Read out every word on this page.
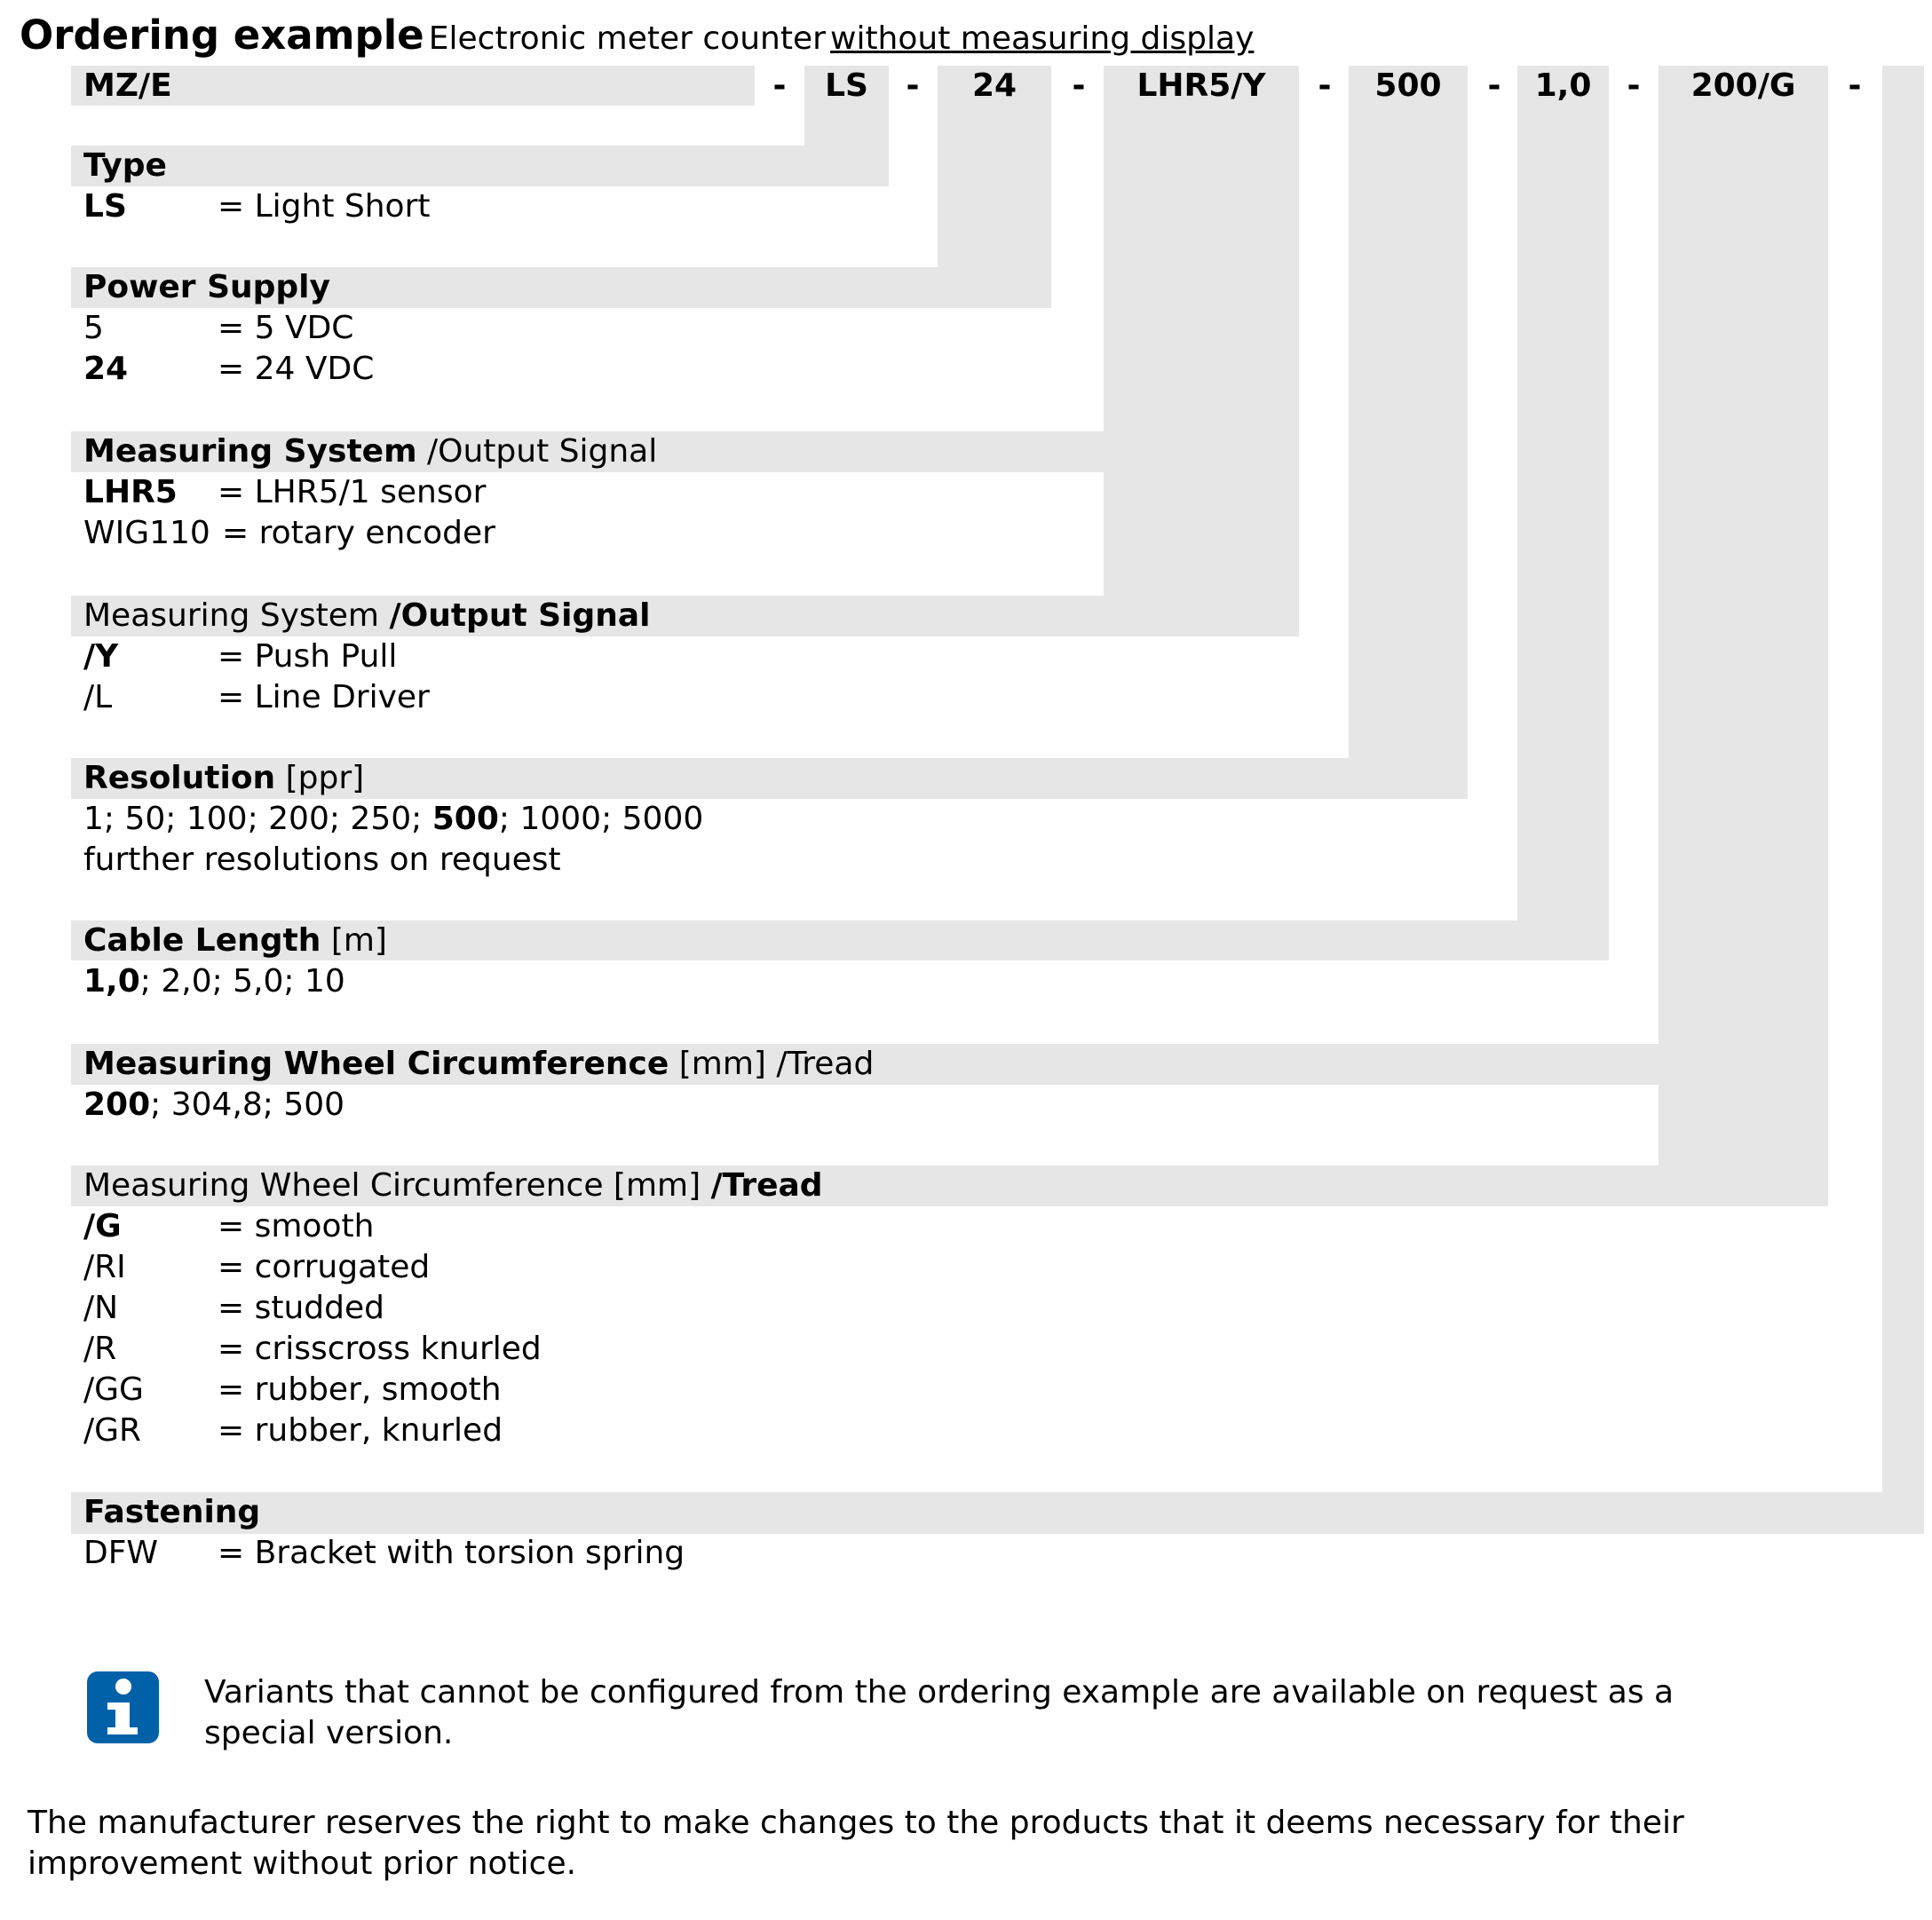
Ordering example Electronic meter counter without measuring display
MZ/E	LS	24	LHR5/Y	500	1,0	200/G
-	-	-	-	-	-	-
Type
LS	= Light Short
Power Supply
5	= 5 VDC
24	= 24 VDC
Measuring System /Output Signal
LHR5 = LHR5/1 sensor
WIG110 = rotary encoder
Measuring System /Output Signal
/Y	= Push Pull
/L	= Line Driver
Resolution [ppr]
1; 50; 100; 200; 250; 500; 1000; 5000
further resolutions on request
Cable Length [m]
1,0; 2,0; 5,0; 10
Measuring Wheel Circumference [mm] /Tread
200; 304,8; 500
Measuring Wheel Circumference [mm] /Tread
/G	= smooth
/RI	= corrugated
/N	= studded
/R	= crisscross knurled
/GG = rubber, smooth
/GR = rubber, knurled
Fastening
DFW = Bracket with torsion spring
Variants that cannot be configured from the ordering example are available on request as a
special version.
The manufacturer reserves the right to make changes to the products that it deems necessary for their
improvement without prior notice.
